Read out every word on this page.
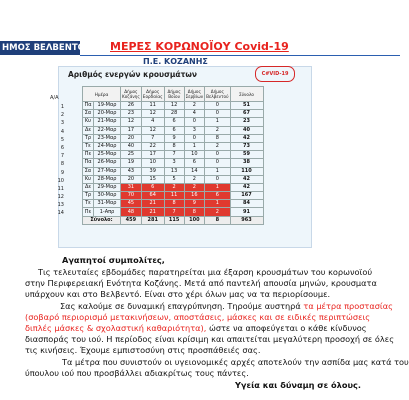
ΗΜΟΣ ΒΕΛΒΕΝΤΟΥ ΜΕΡΕΣ ΚΟΡΩΝΟΪΟΥ Covid-19
Π.Ε. ΚΟΖΑΝΗΣ
Αριθμός ενεργών κρουσμάτων	C#VID-19
Α/Α
1
2
3
4
5
6
7
8
9
10
11
12
13
14
Ημέρα		Δήμος Κοζάνης	Δήμος Εορδαίας	Δήμος Βοΐου	Δήμος Σερβίων	Δήμος Βελβεντού	Σύνολο
Πα	19-Μαρ	26	11	12	2	0	51
Σα	20-Μαρ	23	12	28	4	0	67
Κυ	21-Μαρ	12	4	6	0	1	23
Δε	22-Μαρ	17	12	6	3	2	40
Τρ	23-Μαρ	20	7	9	0	8	42
Τε	24-Μαρ	40	22	8	1	2	73
Πε	25-Μαρ	25	17	7	10	0	59
Πα	26-Μαρ	19	10	3	6	0	38
Σα	27-Μαρ	43	39	13	14	1	110
Κυ	28-Μαρ	20	15	5	2	0	42
Δε	29-Μαρ	31	6	2	2	1	42
Τρ	30-Μαρ	70	64	11	16	6	167
Τε	31-Μαρ	45	21	8	9	1	84
Πε	1-Απρ	48	21	7	8	2	91
Σύνολο:		459	281	115	100	8	963
Αγαπητοί συμπολίτες,
Τις τελευταίες εβδομάδες παρατηρείται μια έξαρση κρουσμάτων του κορωνοϊού
στην Περιφερειακή Ενότητα Κοζάνης. Μετά από παντελή απουσία μηνών, κρουσματα
υπάρχουν και στο Βελβεντό. Είναι στο χέρι όλων μας να τα περιορίσουμε.
Σας καλούμε σε δυναμική επαγρύπνηση. Τηρούμε αυστηρά τα μέτρα προστασίας
(σοβαρό περιορισμό μετακινήσεων, αποστάσεις, μάσκες και σε ειδικές περιπτώσεις
διπλές μάσκες & σχολαστική καθαριότητα), ώστε να αποφεύγεται ο κάθε κίνδυνος
διασποράς του ιού. Η περίοδος είναι κρίσιμη και απαιτείται μεγαλύτερη προσοχή σε όλες
τις κινήσεις. Έχουμε εμπιστοσύνη στις προσπάθειές σας.
Τα μέτρα που συνιστούν οι υγειονομικές αρχές αποτελούν την ασπίδα μας κατά του
ύπουλου ιού που προσβάλλει αδιακρίτως τους πάντες.
Υγεία και δύναμη σε όλους.
